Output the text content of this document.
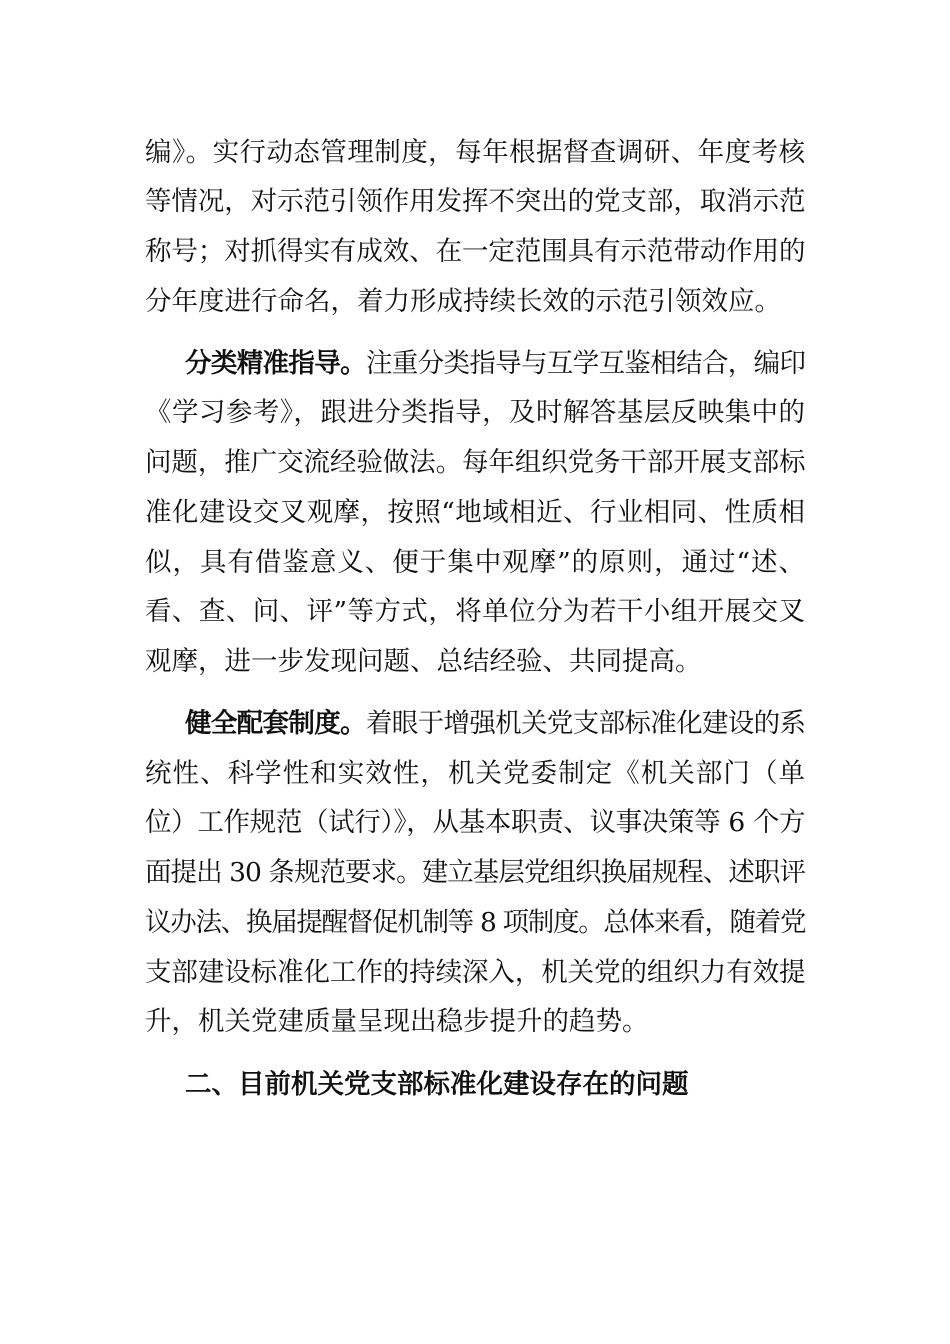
编》。实行动态管理制度，每年根据督查调研、年度考核
等情况，对示范引领作用发挥不突出的党支部，取消示范
称号；对抓得实有成效、在一定范围具有示范带动作用的
分年度进行命名，着力形成持续长效的示范引领效应。
分类精准指导。注重分类指导与互学互鉴相结合，编印
《学习参考》，跟进分类指导，及时解答基层反映集中的
问题，推广交流经验做法。每年组织党务干部开展支部标
准化建设交叉观摩，按照“地域相近、行业相同、性质相
似，具有借鉴意义、便于集中观摩”的原则，通过“述、
看、查、问、评”等方式，将单位分为若干小组开展交叉
观摩，进一步发现问题、总结经验、共同提高。
健全配套制度。着眼于增强机关党支部标准化建设的系
统性、科学性和实效性，机关党委制定《机关部门（单
位）工作规范（试行）》，从基本职责、议事决策等 6 个方
面提出 30 条规范要求。建立基层党组织换届规程、述职评
议办法、换届提醒督促机制等 8 项制度。总体来看，随着党
支部建设标准化工作的持续深入，机关党的组织力有效提
升，机关党建质量呈现出稳步提升的趋势。
二、目前机关党支部标准化建设存在的问题
